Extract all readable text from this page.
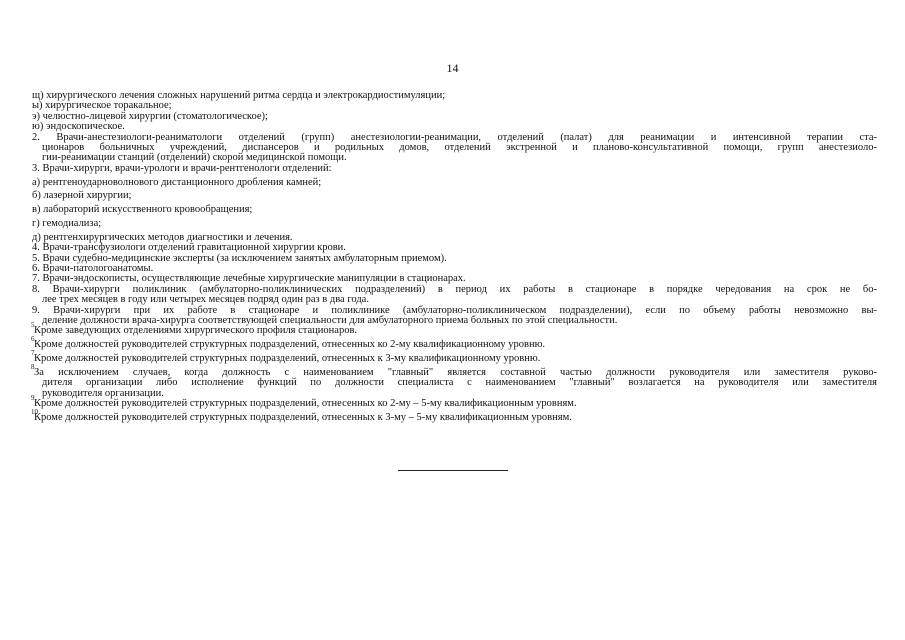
14
щ) хирургического лечения сложных нарушений ритма сердца и электрокардиостимуляции;
ы) хирургическое торакальное;
э) челюстно-лицевой хирургии (стоматологическое);
ю) эндоскопическое.
2. Врачи-анестезиологи-реаниматологи отделений (групп) анестезиологии-реанимации, отделений (палат) для реанимации и интенсивной терапии ста-
ционаров больничных учреждений, диспансеров и родильных домов, отделений экстренной и планово-консультативной помощи, групп анестезиоло-
гии-реанимации станций (отделений) скорой медицинской помощи.
3. Врачи-хирурги, врачи-урологи и врачи-рентгенологи отделений:
а) рентгеноударноволнового дистанционного дробления камней;
б) лазерной хирургии;
в) лабораторий искусственного кровообращения;
г) гемодиализа;
д) рентгенхирургических методов диагностики и лечения.
4. Врачи-трансфузиологи отделений гравитационной хирургии крови.
5. Врачи судебно-медицинские эксперты (за исключением занятых амбулаторным приемом).
6. Врачи-патологоанатомы.
7. Врачи-эндоскописты, осуществляющие лечебные хирургические манипуляции в стационарах.
8. Врачи-хирурги поликлиник (амбулаторно-поликлинических подразделений) в период их работы в стационаре в порядке чередования на срок не бо-
лее трех месяцев в году или четырех месяцев подряд один раз в два года.
9. Врачи-хирурги при их работе в стационаре и поликлинике (амбулаторно-поликлиническом подразделении), если по объему работы невозможно вы-
деление должности врача-хирурга соответствующей специальности для амбулаторного приема больных по этой специальности.
5 Кроме заведующих отделениями хирургического профиля стационаров.
6 Кроме должностей руководителей структурных подразделений, отнесенных ко 2-му квалификационному уровню.
7 Кроме должностей руководителей структурных подразделений, отнесенных к 3-му квалификационному уровню.
8 За исключением случаев, когда должность с наименованием "главный" является составной частью должности руководителя или заместителя руково-
дителя организации либо исполнение функций по должности специалиста с наименованием "главный" возлагается на руководителя или заместителя
руководителя организации.
9 Кроме должностей руководителей структурных подразделений, отнесенных ко 2-му – 5-му квалификационным уровням.
10
Кроме должностей руководителей структурных подразделений, отнесенных к 3-му – 5-му квалификационным уровням.
